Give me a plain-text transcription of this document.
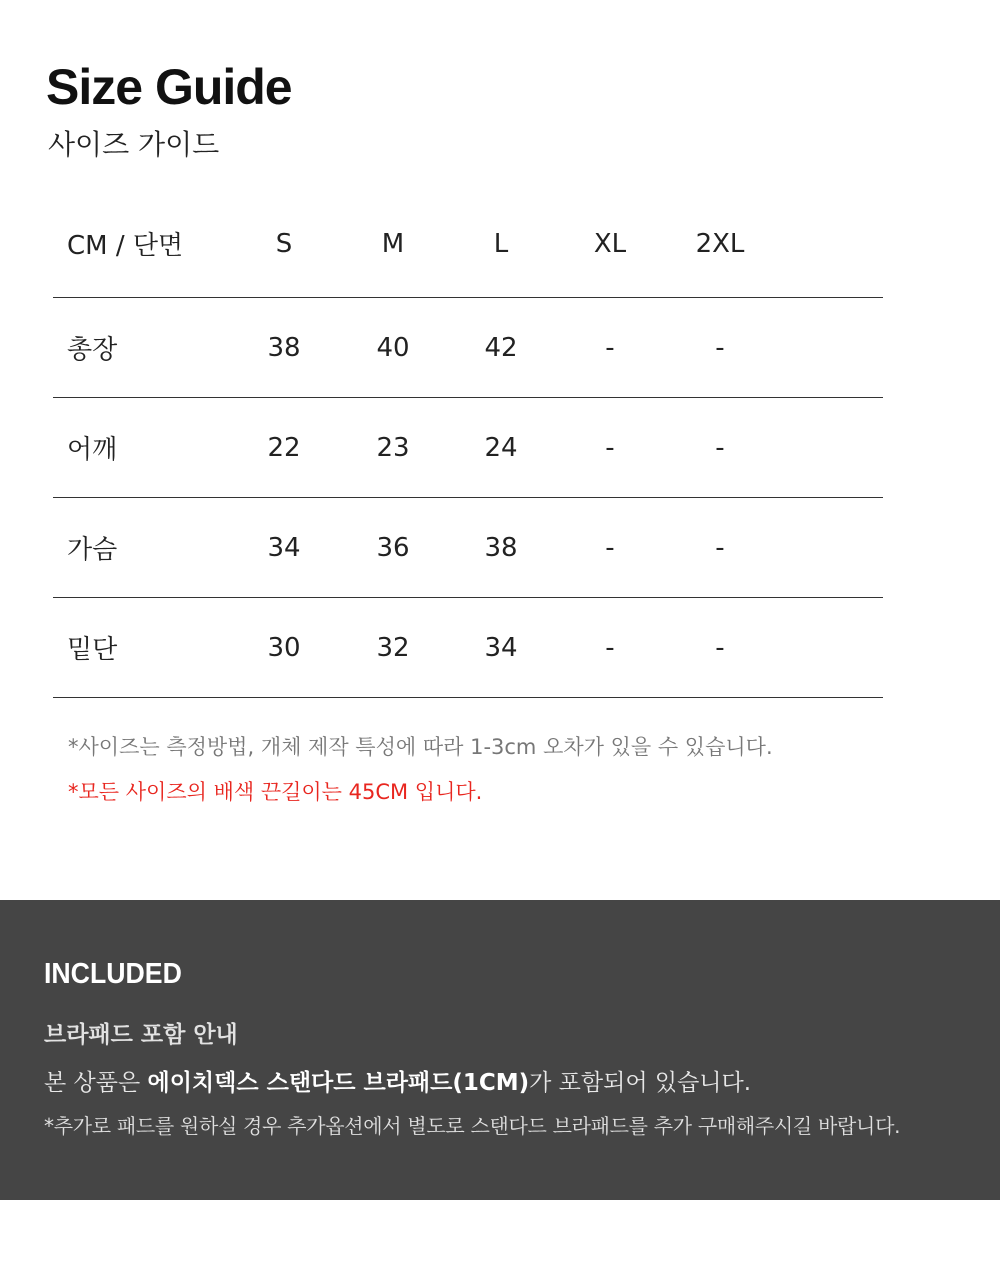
Size Guide
사이즈 가이드
CM / 단면	S	M	L	XL	2XL	
총장	38	40	42	-	-	
어깨	22	23	24	-	-	
가슴	34	36	38	-	-	
밑단	30	32	34	-	-	
*사이즈는 측정방법, 개체 제작 특성에 따라 1-3cm 오차가 있을 수 있습니다.
*모든 사이즈의 배색 끈길이는 45CM 입니다.
INCLUDED
브라패드 포함 안내
본 상품은 에이치덱스 스탠다드 브라패드(1CM)가 포함되어 있습니다.
*추가로 패드를 원하실 경우 추가옵션에서 별도로 스탠다드 브라패드를 추가 구매해주시길 바랍니다.
